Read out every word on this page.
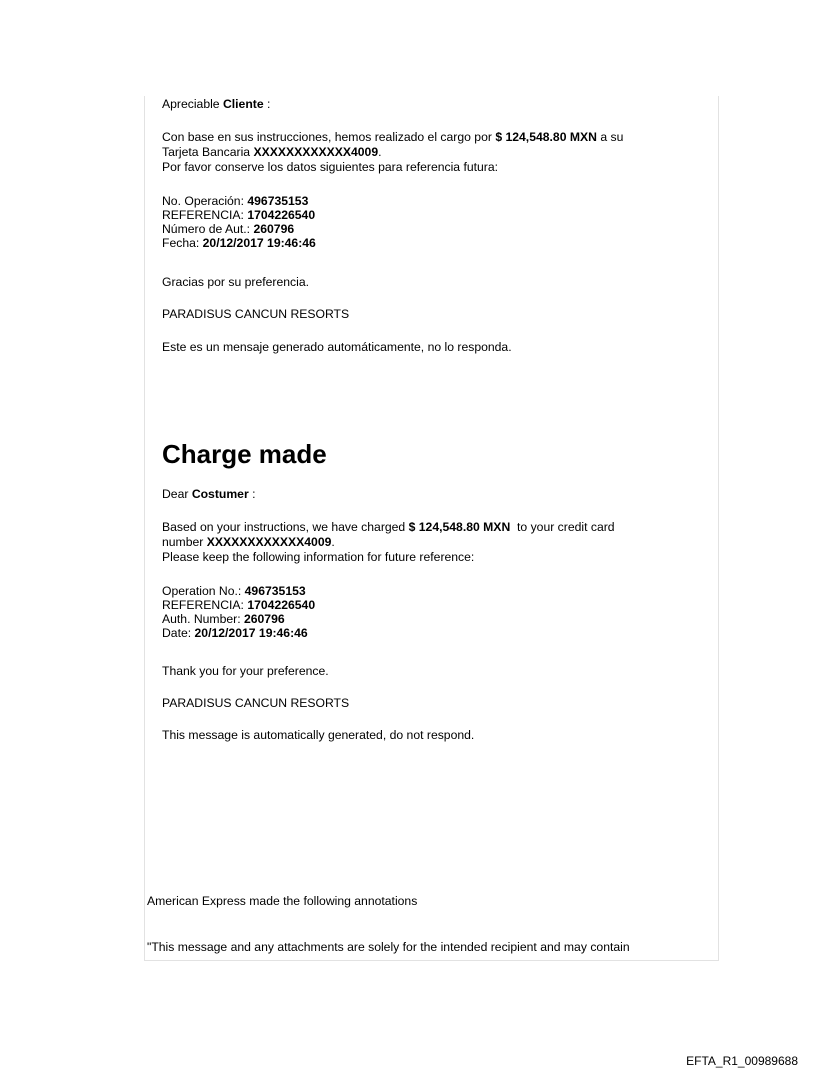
Apreciable Cliente :
Con base en sus instrucciones, hemos realizado el cargo por $ 124,548.80 MXN a su
Tarjeta Bancaria XXXXXXXXXXXX4009.
Por favor conserve los datos siguientes para referencia futura:
No. Operación: 496735153
REFERENCIA: 1704226540
Número de Aut.: 260796
Fecha: 20/12/2017 19:46:46
Gracias por su preferencia.
PARADISUS CANCUN RESORTS
Este es un mensaje generado automáticamente, no lo responda.
Charge made
Dear Costumer :
Based on your instructions, we have charged $ 124,548.80 MXN  to your credit card
number XXXXXXXXXXXX4009.
Please keep the following information for future reference:
Operation No.: 496735153
REFERENCIA: 1704226540
Auth. Number: 260796
Date: 20/12/2017 19:46:46
Thank you for your preference.
PARADISUS CANCUN RESORTS
This message is automatically generated, do not respond.
American Express made the following annotations
"This message and any attachments are solely for the intended recipient and may contain
EFTA_R1_00989688
